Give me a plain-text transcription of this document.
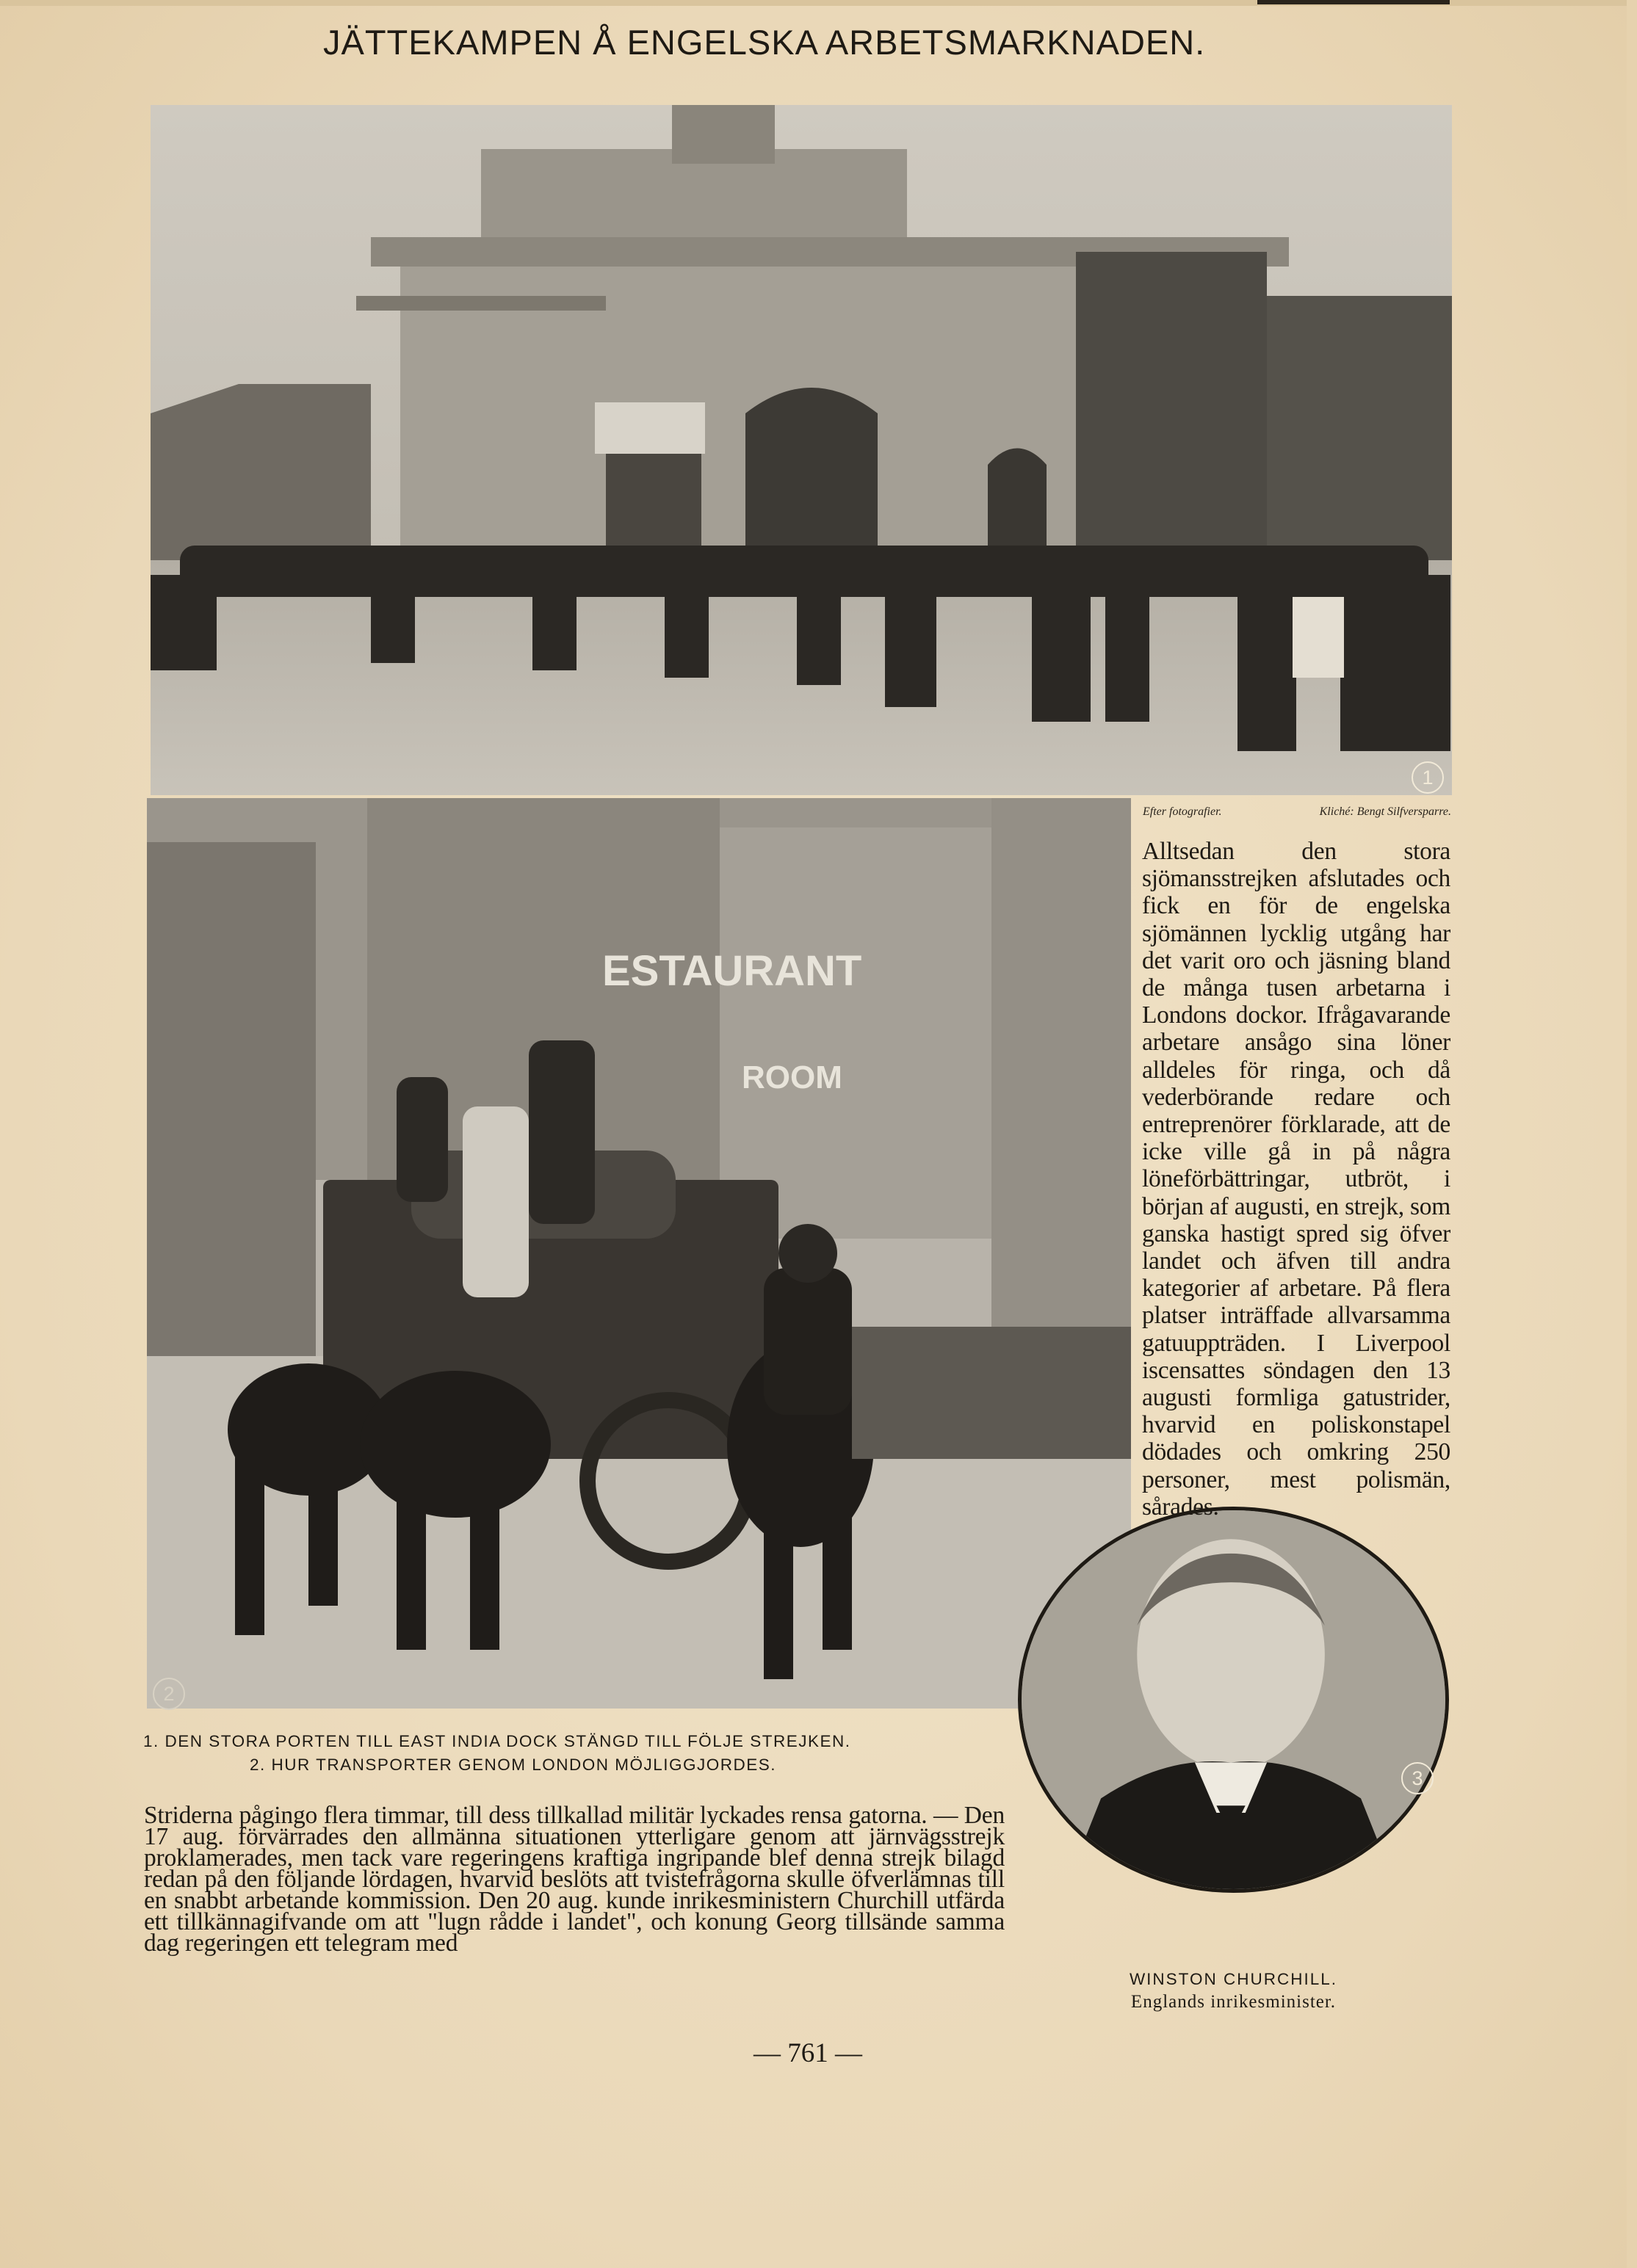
JÄTTEKAMPEN Å ENGELSKA ARBETSMARKNADEN.
1
ESTAURANT
ROOM
2
3
Efter fotografier.	Kliché: Bengt Silfversparre.

Alltsedan den stora sjömansstrejken afslutades och fick en för de engelska sjömännen lycklig utgång har det varit oro och jäsning bland de många tusen arbetarna i Londons dockor. Ifrågavarande arbetare ansågo sina löner alldeles för ringa, och då vederbörande redare och entreprenörer förklarade, att de icke ville gå in på några löneförbättringar, utbröt, i början af augusti, en strejk, som ganska hastigt spred sig öfver landet och äfven till andra kategorier af arbetare. På flera platser inträffade allvarsamma gatuuppträden. I Liverpool iscensattes söndagen den 13 augusti formliga gatustrider, hvarvid en poliskonstapel dödades och omkring 250 personer, mest polismän, sårades.

1. DEN STORA PORTEN TILL EAST INDIA DOCK STÄNGD TILL FÖLJE STREJKEN.
2. HUR TRANSPORTER GENOM LONDON MÖJLIGGJORDES.

Striderna pågingo flera timmar, till dess tillkallad militär lyckades rensa gatorna. — Den 17 aug. förvärrades den allmänna situationen ytterligare genom att järnvägsstrejk proklamerades, men tack vare regeringens kraftiga ingripande blef denna strejk bilagd redan på den följande lördagen, hvarvid beslöts att tvistefrågorna skulle öfverlämnas till en snabbt arbetande kommission. Den 20 aug. kunde inrikesministern Churchill utfärda ett tillkännagifvande om att "lugn rådde i landet", och konung Georg tillsände samma dag regeringen ett telegram med

WINSTON CHURCHILL.
Englands inrikesminister.
— 761 —
